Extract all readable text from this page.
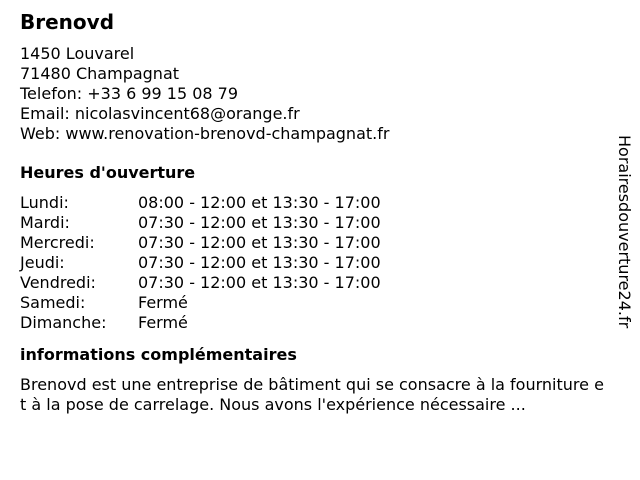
Brenovd
1450 Louvarel
71480 Champagnat
Telefon: +33 6 99 15 08 79
Email: nicolasvincent68@orange.fr
Web: www.renovation-brenovd-champagnat.fr
Heures d'ouverture
Lundi:	08:00 - 12:00 et 13:30 - 17:00
Mardi:	07:30 - 12:00 et 13:30 - 17:00
Mercredi:	07:30 - 12:00 et 13:30 - 17:00
Jeudi:	07:30 - 12:00 et 13:30 - 17:00
Vendredi:	07:30 - 12:00 et 13:30 - 17:00
Samedi:	Fermé
Dimanche: Fermé
informations complémentaires
Brenovd est une entreprise de bâtiment qui se consacre à la fourniture et à la pose de carrelage. Nous avons l'expérience nécessaire ...
Horairesdouverture24.fr
